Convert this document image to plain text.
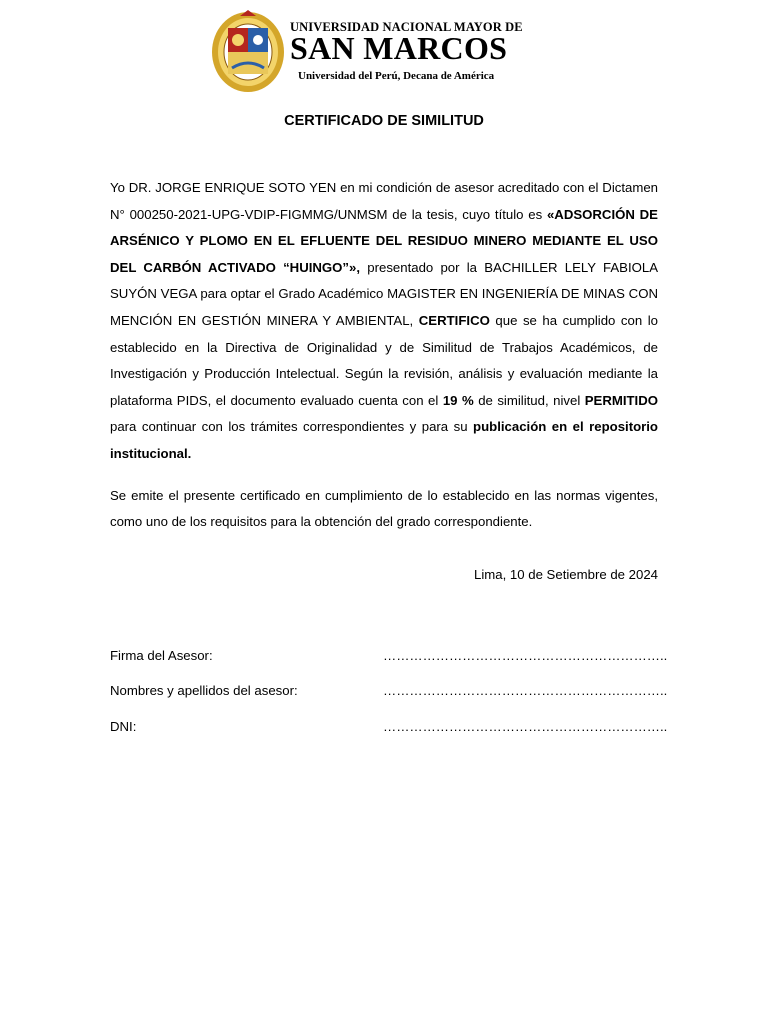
UNIVERSIDAD NACIONAL MAYOR DE
SAN MARCOS
Universidad del Perú, Decana de América
CERTIFICADO DE SIMILITUD

Yo DR. JORGE ENRIQUE SOTO YEN en mi condición de asesor acreditado con el Dictamen N° 000250-2021-UPG-VDIP-FIGMMG/UNMSM de la tesis, cuyo título es «ADSORCIÓN DE ARSÉNICO Y PLOMO EN EL EFLUENTE DEL RESIDUO MINERO MEDIANTE EL USO DEL CARBÓN ACTIVADO “HUINGO”», presentado por la BACHILLER LELY FABIOLA SUYÓN VEGA para optar el Grado Académico MAGISTER EN INGENIERÍA DE MINAS CON MENCIÓN EN GESTIÓN MINERA Y AMBIENTAL, CERTIFICO que se ha cumplido con lo establecido en la Directiva de Originalidad y de Similitud de Trabajos Académicos, de Investigación y Producción Intelectual. Según la revisión, análisis y evaluación mediante la plataforma PIDS, el documento evaluado cuenta con el 19 % de similitud, nivel PERMITIDO para continuar con los trámites correspondientes y para su publicación en el repositorio institucional.

Se emite el presente certificado en cumplimiento de lo establecido en las normas vigentes, como uno de los requisitos para la obtención del grado correspondiente.

Lima, 10 de Setiembre de 2024
Firma del Asesor:	………………………………………………………..
Nombres y apellidos del asesor:	………………………………………………………..
DNI:	………………………………………………………..
